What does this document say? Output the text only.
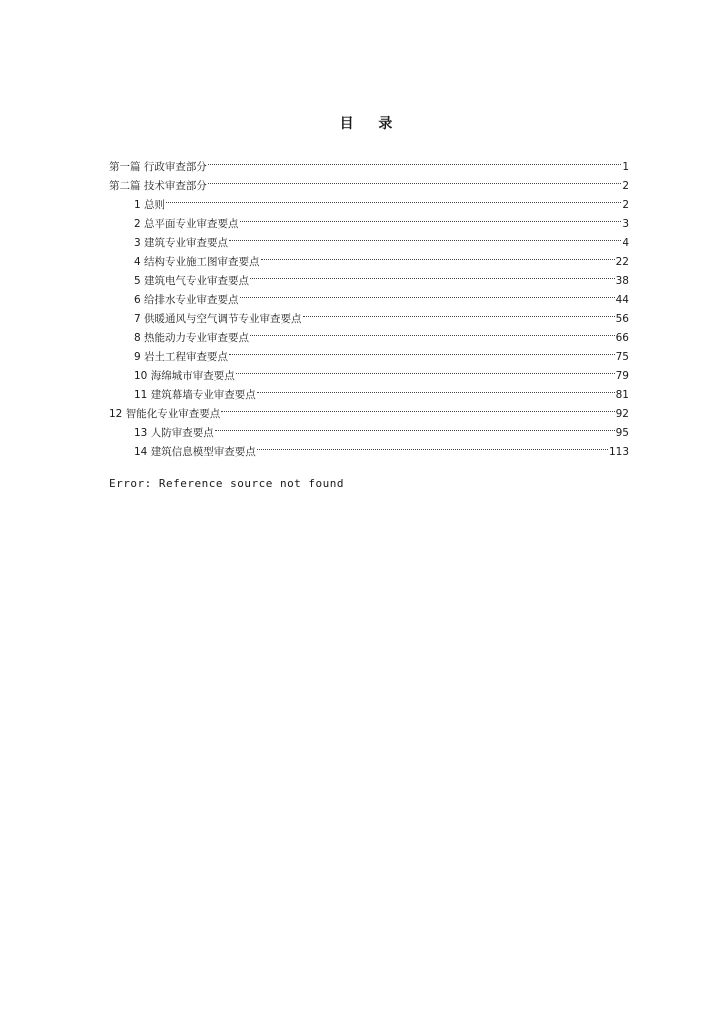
目 录
第一篇 行政审查部分	1
第二篇 技术审查部分	2
1 总则	2
2 总平面专业审查要点	3
3 建筑专业审查要点	4
4 结构专业施工图审查要点	22
5 建筑电气专业审查要点	38
6 给排水专业审查要点	44
7 供暖通风与空气调节专业审查要点	56
8 热能动力专业审查要点	66
9 岩土工程审查要点	75
10 海绵城市审查要点	79
11 建筑幕墙专业审查要点	81
12 智能化专业审查要点	92
13 人防审查要点	95
14 建筑信息模型审查要点	113
Error: Reference source not found
